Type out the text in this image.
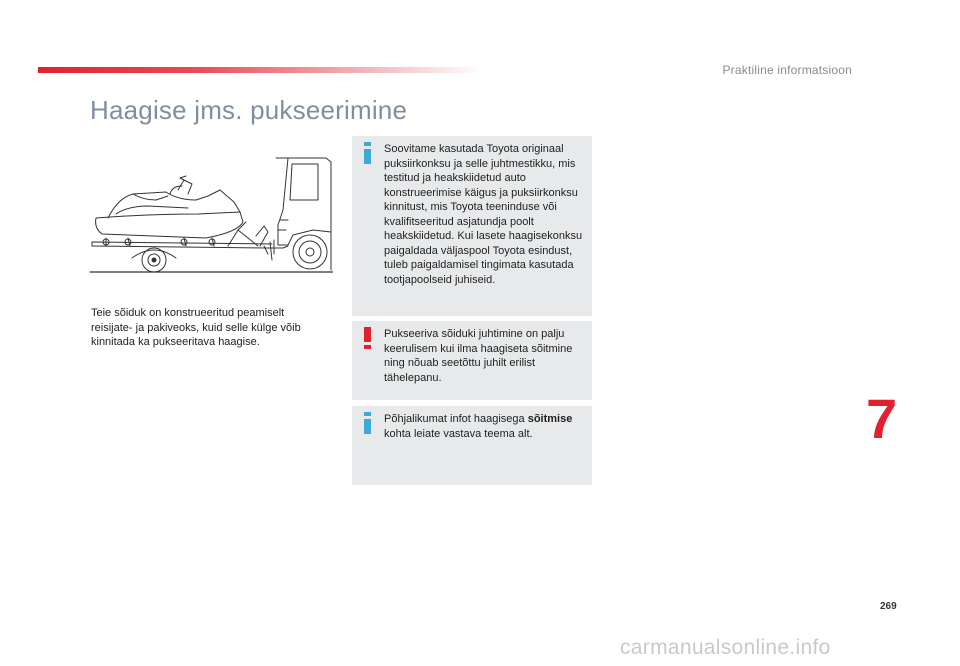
Praktiline informatsioon
Haagise jms. pukseerimine
Teie sõiduk on konstrueeritud peamiselt reisijate- ja pakiveoks, kuid selle külge võib kinnitada ka pukseeritava haagise.
Soovitame kasutada Toyota originaal puksiirkonksu ja selle juhtmestikku, mis testitud ja heakskiidetud auto konstrueerimise käigus ja puksiirkonksu kinnitust, mis Toyota teeninduse või kvalifitseeritud asjatundja poolt heakskiidetud. Kui lasete haagisekonksu paigaldada väljaspool Toyota esindust, tuleb paigaldamisel tingimata kasutada tootjapoolseid juhiseid.
Pukseeriva sõiduki juhtimine on palju keerulisem kui ilma haagiseta sõitmine ning nõuab seetõttu juhilt erilist tähelepanu.
Põhjalikumat infot haagisega sõitmise kohta leiate vastava teema alt.	7
269
carmanualsonline.info
